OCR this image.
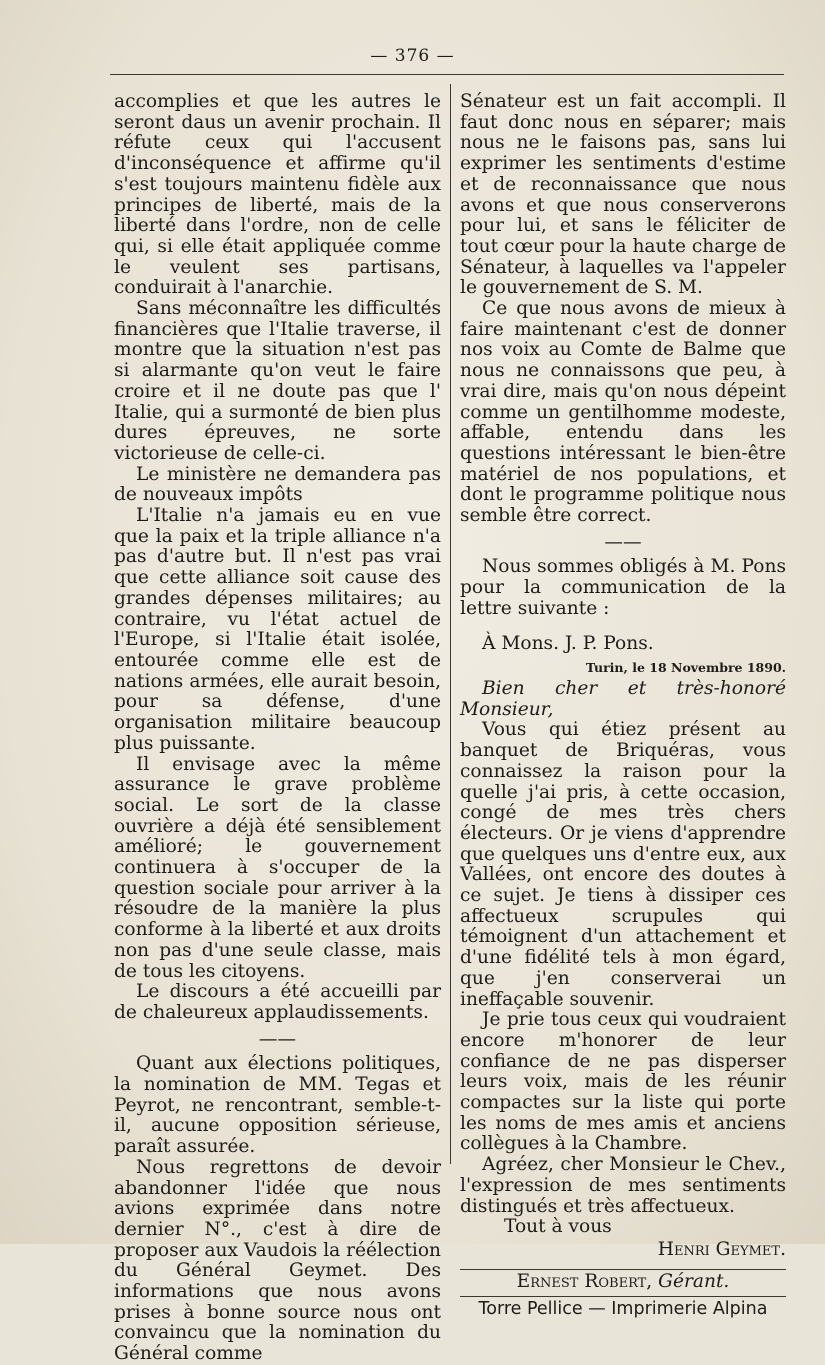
— 376 —

accomplies et que les autres le seront daus un avenir prochain. Il réfute ceux qui l'accusent d'inconséquence et affirme qu'il s'est toujours maintenu fidèle aux principes de liberté, mais de la liberté dans l'ordre, non de celle qui, si elle était appliquée comme le veulent ses partisans, conduirait à l'anarchie.

Sans méconnaître les difficultés financières que l'Italie traverse, il montre que la situation n'est pas si alarmante qu'on veut le faire croire et il ne doute pas que l' Italie, qui a surmonté de bien plus dures épreuves, ne sorte victorieuse de celle-ci.

Le ministère ne demandera pas de nouveaux impôts

L'Italie n'a jamais eu en vue que la paix et la triple alliance n'a pas d'autre but. Il n'est pas vrai que cette alliance soit cause des grandes dépenses militaires; au contraire, vu l'état actuel de l'Europe, si l'Italie était isolée, entourée comme elle est de nations armées, elle aurait besoin, pour sa défense, d'une organisation militaire beaucoup plus puissante.

Il envisage avec la même assurance le grave problème social. Le sort de la classe ouvrière a déjà été sensiblement amélioré; le gouvernement continuera à s'occuper de la question sociale pour arriver à la résoudre de la manière la plus conforme à la liberté et aux droits non pas d'une seule classe, mais de tous les citoyens.

Le discours a été accueilli par de chaleureux applaudissements.

——

Quant aux élections politiques, la nomination de MM. Tegas et Peyrot, ne rencontrant, semble-t-il, aucune opposition sérieuse, paraît assurée.

Nous regrettons de devoir abandonner l'idée que nous avions exprimée dans notre dernier N°., c'est à dire de proposer aux Vaudois la réélection du Général Geymet. Des informations que nous avons prises à bonne source nous ont convaincu que la nomination du Général comme

Sénateur est un fait accompli. Il faut donc nous en séparer; mais nous ne le faisons pas, sans lui exprimer les sentiments d'estime et de reconnaissance que nous avons et que nous conserverons pour lui, et sans le féliciter de tout cœur pour la haute charge de Sénateur, à laquelles va l'appeler le gouvernement de S. M.

Ce que nous avons de mieux à faire maintenant c'est de donner nos voix au Comte de Balme que nous ne connaissons que peu, à vrai dire, mais qu'on nous dépeint comme un gentilhomme modeste, affable, entendu dans les questions intéressant le bien-être matériel de nos populations, et dont le programme politique nous semble être correct.

——

Nous sommes obligés à M. Pons pour la communication de la lettre suivante :

À Mons. J. P. Pons.

Turin, le 18 Novembre 1890.

Bien cher et très-honoré Monsieur,

Vous qui étiez présent au banquet de Briquéras, vous connaissez la raison pour la quelle j'ai pris, à cette occasion, congé de mes très chers électeurs. Or je viens d'apprendre que quelques uns d'entre eux, aux Vallées, ont encore des doutes à ce sujet. Je tiens à dissiper ces affectueux scrupules qui témoignent d'un attachement et d'une fidélité tels à mon égard, que j'en conserverai un ineffaçable souvenir.

Je prie tous ceux qui voudraient encore m'honorer de leur confiance de ne pas disperser leurs voix, mais de les réunir compactes sur la liste qui porte les noms de mes amis et anciens collègues à la Chambre.

Agréez, cher Monsieur le Chev., l'expression de mes sentiments distingués et très affectueux.

Tout à vous

Henri Geymet.
Ernest Robert, Gérant.
Torre Pellice — Imprimerie Alpina
